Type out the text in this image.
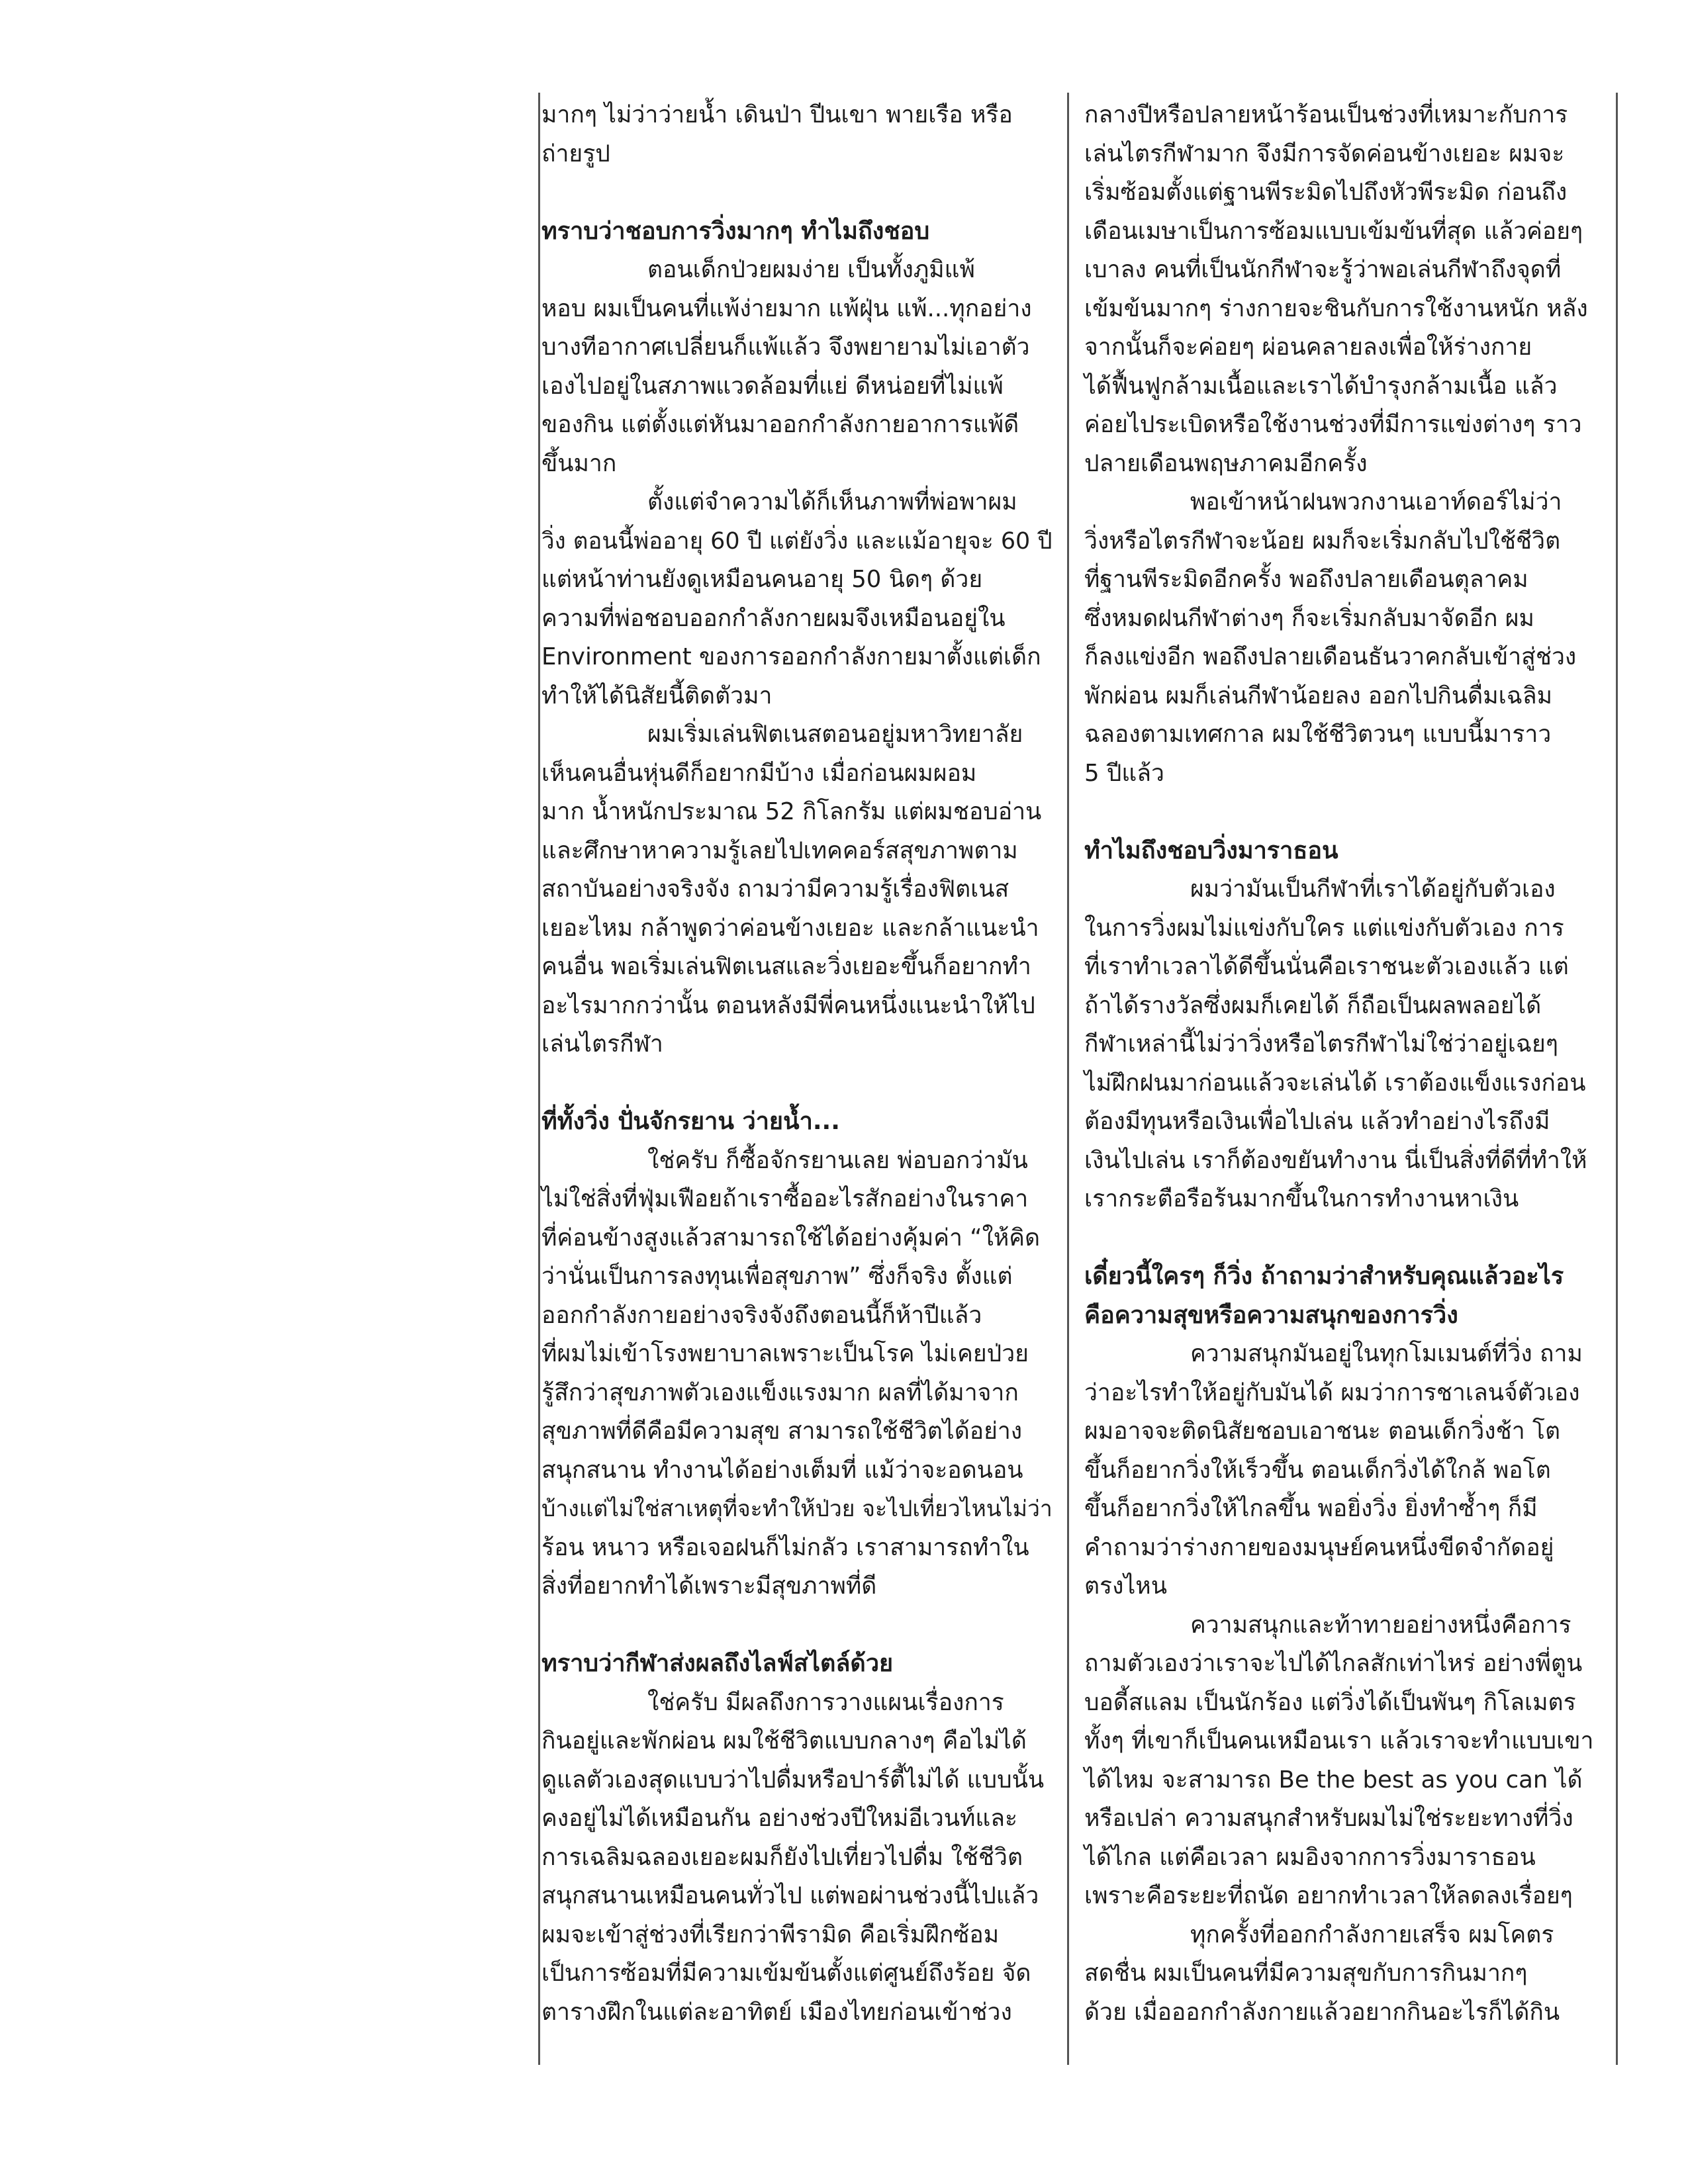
มากๆ ไม่ว่าว่ายน้ำ เดินป่า ปีนเขา พายเรือ หรือ

ถ่ายรูป

ทราบว่าชอบการวิ่งมากๆ ทำไมถึงชอบ

ตอนเด็กป่วยผมง่าย เป็นทั้งภูมิแพ้

หอบ ผมเป็นคนที่แพ้ง่ายมาก แพ้ฝุ่น แพ้...ทุกอย่าง

บางทีอากาศเปลี่ยนก็แพ้แล้ว จึงพยายามไม่เอาตัว

เองไปอยู่ในสภาพแวดล้อมที่แย่ ดีหน่อยที่ไม่แพ้

ของกิน แต่ตั้งแต่หันมาออกกำลังกายอาการแพ้ดี

ขึ้นมาก

ตั้งแต่จำความได้ก็เห็นภาพที่พ่อพาผม

วิ่ง ตอนนี้พ่ออายุ 60 ปี แต่ยังวิ่ง และแม้อายุจะ 60 ปี

แต่หน้าท่านยังดูเหมือนคนอายุ 50 นิดๆ ด้วย

ความที่พ่อชอบออกกำลังกายผมจึงเหมือนอยู่ใน

Environment ของการออกกำลังกายมาตั้งแต่เด็ก

ทำให้ได้นิสัยนี้ติดตัวมา

ผมเริ่มเล่นฟิตเนสตอนอยู่มหาวิทยาลัย

เห็นคนอื่นหุ่นดีก็อยากมีบ้าง เมื่อก่อนผมผอม

มาก น้ำหนักประมาณ 52 กิโลกรัม แต่ผมชอบอ่าน

และศึกษาหาความรู้เลยไปเทคคอร์สสุขภาพตาม

สถาบันอย่างจริงจัง ถามว่ามีความรู้เรื่องฟิตเนส

เยอะไหม กล้าพูดว่าค่อนข้างเยอะ และกล้าแนะนำ

คนอื่น พอเริ่มเล่นฟิตเนสและวิ่งเยอะขึ้นก็อยากทำ

อะไรมากกว่านั้น ตอนหลังมีพี่คนหนึ่งแนะนำให้ไป

เล่นไตรกีฬา

ที่ทั้งวิ่ง ปั่นจักรยาน ว่ายน้ำ...

ใช่ครับ ก็ซื้อจักรยานเลย พ่อบอกว่ามัน

ไม่ใช่สิ่งที่ฟุ่มเฟือยถ้าเราซื้ออะไรสักอย่างในราคา

ที่ค่อนข้างสูงแล้วสามารถใช้ได้อย่างคุ้มค่า “ให้คิด

ว่านั่นเป็นการลงทุนเพื่อสุขภาพ” ซึ่งก็จริง ตั้งแต่

ออกกำลังกายอย่างจริงจังถึงตอนนี้ก็ห้าปีแล้ว

ที่ผมไม่เข้าโรงพยาบาลเพราะเป็นโรค ไม่เคยป่วย

รู้สึกว่าสุขภาพตัวเองแข็งแรงมาก ผลที่ได้มาจาก

สุขภาพที่ดีคือมีความสุข สามารถใช้ชีวิตได้อย่าง

สนุกสนาน ทำงานได้อย่างเต็มที่ แม้ว่าจะอดนอน

บ้างแต่ไม่ใช่สาเหตุที่จะทำให้ป่วย จะไปเที่ยวไหนไม่ว่า

ร้อน หนาว หรือเจอฝนก็ไม่กลัว เราสามารถทำใน

สิ่งที่อยากทำได้เพราะมีสุขภาพที่ดี

ทราบว่ากีฬาส่งผลถึงไลฟ์สไตล์ด้วย

ใช่ครับ มีผลถึงการวางแผนเรื่องการ

กินอยู่และพักผ่อน ผมใช้ชีวิตแบบกลางๆ คือไม่ได้

ดูแลตัวเองสุดแบบว่าไปดื่มหรือปาร์ตี้ไม่ได้ แบบนั้น

คงอยู่ไม่ได้เหมือนกัน อย่างช่วงปีใหม่อีเวนท์และ

การเฉลิมฉลองเยอะผมก็ยังไปเที่ยวไปดื่ม ใช้ชีวิต

สนุกสนานเหมือนคนทั่วไป แต่พอผ่านช่วงนี้ไปแล้ว

ผมจะเข้าสู่ช่วงที่เรียกว่าพีรามิด คือเริ่มฝึกซ้อม

เป็นการซ้อมที่มีความเข้มข้นตั้งแต่ศูนย์ถึงร้อย จัด

ตารางฝึกในแต่ละอาทิตย์ เมืองไทยก่อนเข้าช่วง

กลางปีหรือปลายหน้าร้อนเป็นช่วงที่เหมาะกับการ

เล่นไตรกีฬามาก จึงมีการจัดค่อนข้างเยอะ ผมจะ

เริ่มซ้อมตั้งแต่ฐานพีระมิดไปถึงหัวพีระมิด ก่อนถึง

เดือนเมษาเป็นการซ้อมแบบเข้มข้นที่สุด แล้วค่อยๆ

เบาลง คนที่เป็นนักกีฬาจะรู้ว่าพอเล่นกีฬาถึงจุดที่

เข้มข้นมากๆ ร่างกายจะชินกับการใช้งานหนัก หลัง

จากนั้นก็จะค่อยๆ ผ่อนคลายลงเพื่อให้ร่างกาย

ได้ฟื้นฟูกล้ามเนื้อและเราได้บำรุงกล้ามเนื้อ แล้ว

ค่อยไประเบิดหรือใช้งานช่วงที่มีการแข่งต่างๆ ราว

ปลายเดือนพฤษภาคมอีกครั้ง

พอเข้าหน้าฝนพวกงานเอาท์ดอร์ไม่ว่า

วิ่งหรือไตรกีฬาจะน้อย ผมก็จะเริ่มกลับไปใช้ชีวิต

ที่ฐานพีระมิดอีกครั้ง พอถึงปลายเดือนตุลาคม

ซึ่งหมดฝนกีฬาต่างๆ ก็จะเริ่มกลับมาจัดอีก ผม

ก็ลงแข่งอีก พอถึงปลายเดือนธันวาคกลับเข้าสู่ช่วง

พักผ่อน ผมก็เล่นกีฬาน้อยลง ออกไปกินดื่มเฉลิม

ฉลองตามเทศกาล ผมใช้ชีวิตวนๆ แบบนี้มาราว

5 ปีแล้ว

ทำไมถึงชอบวิ่งมาราธอน

ผมว่ามันเป็นกีฬาที่เราได้อยู่กับตัวเอง

ในการวิ่งผมไม่แข่งกับใคร แต่แข่งกับตัวเอง การ

ที่เราทำเวลาได้ดีขึ้นนั่นคือเราชนะตัวเองแล้ว แต่

ถ้าได้รางวัลซึ่งผมก็เคยได้ ก็ถือเป็นผลพลอยได้

กีฬาเหล่านี้ไม่ว่าวิ่งหรือไตรกีฬาไม่ใช่ว่าอยู่เฉยๆ

ไม่ฝึกฝนมาก่อนแล้วจะเล่นได้ เราต้องแข็งแรงก่อน

ต้องมีทุนหรือเงินเพื่อไปเล่น แล้วทำอย่างไรถึงมี

เงินไปเล่น เราก็ต้องขยันทำงาน นี่เป็นสิ่งที่ดีที่ทำให้

เรากระตือรือร้นมากขึ้นในการทำงานหาเงิน

เดี๋ยวนี้ใครๆ ก็วิ่ง ถ้าถามว่าสำหรับคุณแล้วอะไร

คือความสุขหรือความสนุกของการวิ่ง

ความสนุกมันอยู่ในทุกโมเมนต์ที่วิ่ง ถาม

ว่าอะไรทำให้อยู่กับมันได้ ผมว่าการชาเลนจ์ตัวเอง

ผมอาจจะติดนิสัยชอบเอาชนะ ตอนเด็กวิ่งช้า โต

ขึ้นก็อยากวิ่งให้เร็วขึ้น ตอนเด็กวิ่งได้ใกล้ พอโต

ขึ้นก็อยากวิ่งให้ไกลขึ้น พอยิ่งวิ่ง ยิ่งทำซ้ำๆ ก็มี

คำถามว่าร่างกายของมนุษย์คนหนึ่งขีดจำกัดอยู่

ตรงไหน

ความสนุกและท้าทายอย่างหนึ่งคือการ

ถามตัวเองว่าเราจะไปได้ไกลสักเท่าไหร่ อย่างพี่ตูน

บอดี้สแลม เป็นนักร้อง แต่วิ่งได้เป็นพันๆ กิโลเมตร

ทั้งๆ ที่เขาก็เป็นคนเหมือนเรา แล้วเราจะทำแบบเขา

ได้ไหม จะสามารถ Be the best as you can ได้

หรือเปล่า ความสนุกสำหรับผมไม่ใช่ระยะทางที่วิ่ง

ได้ไกล แต่คือเวลา ผมอิงจากการวิ่งมาราธอน

เพราะคือระยะที่ถนัด อยากทำเวลาให้ลดลงเรื่อยๆ

ทุกครั้งที่ออกกำลังกายเสร็จ ผมโคตร

สดชื่น ผมเป็นคนที่มีความสุขกับการกินมากๆ

ด้วย เมื่อออกกำลังกายแล้วอยากกินอะไรก็ได้กิน
